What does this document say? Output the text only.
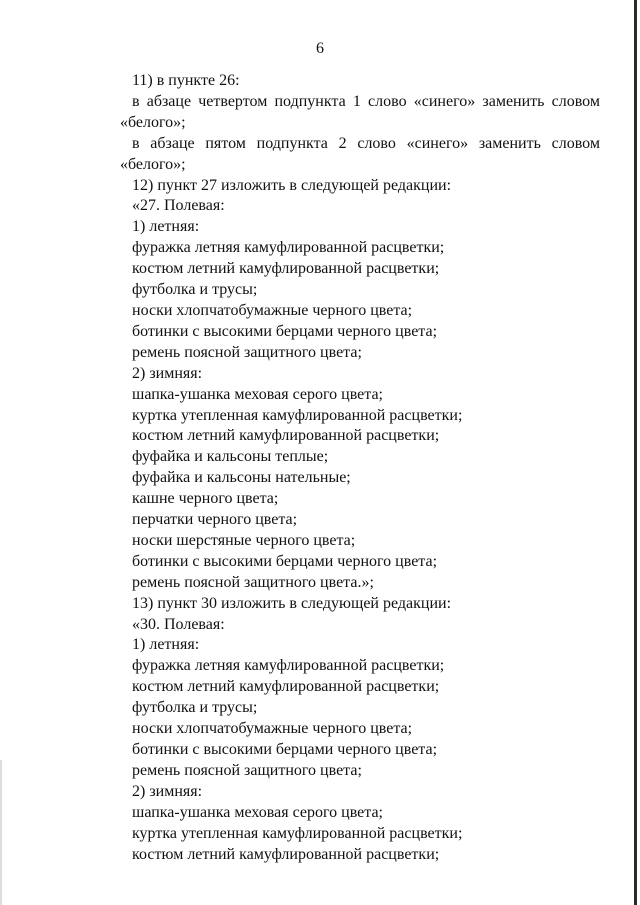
6

11) в пункте 26:

в абзаце четвертом подпункта 1 слово «синего» заменить словом

«белого»;

в абзаце пятом подпункта 2 слово «синего» заменить словом

«белого»;

12) пункт 27 изложить в следующей редакции:

«27. Полевая:

1) летняя:

фуражка летняя камуфлированной расцветки;

костюм летний камуфлированной расцветки;

футболка и трусы;

носки хлопчатобумажные черного цвета;

ботинки с высокими берцами черного цвета;

ремень поясной защитного цвета;

2) зимняя:

шапка-ушанка меховая серого цвета;

куртка утепленная камуфлированной расцветки;

костюм летний камуфлированной расцветки;

фуфайка и кальсоны теплые;

фуфайка и кальсоны нательные;

кашне черного цвета;

перчатки черного цвета;

носки шерстяные черного цвета;

ботинки с высокими берцами черного цвета;

ремень поясной защитного цвета.»;

13) пункт 30 изложить в следующей редакции:

«30. Полевая:

1) летняя:

фуражка летняя камуфлированной расцветки;

костюм летний камуфлированной расцветки;

футболка и трусы;

носки хлопчатобумажные черного цвета;

ботинки с высокими берцами черного цвета;

ремень поясной защитного цвета;

2) зимняя:

шапка-ушанка меховая серого цвета;

куртка утепленная камуфлированной расцветки;

костюм летний камуфлированной расцветки;
